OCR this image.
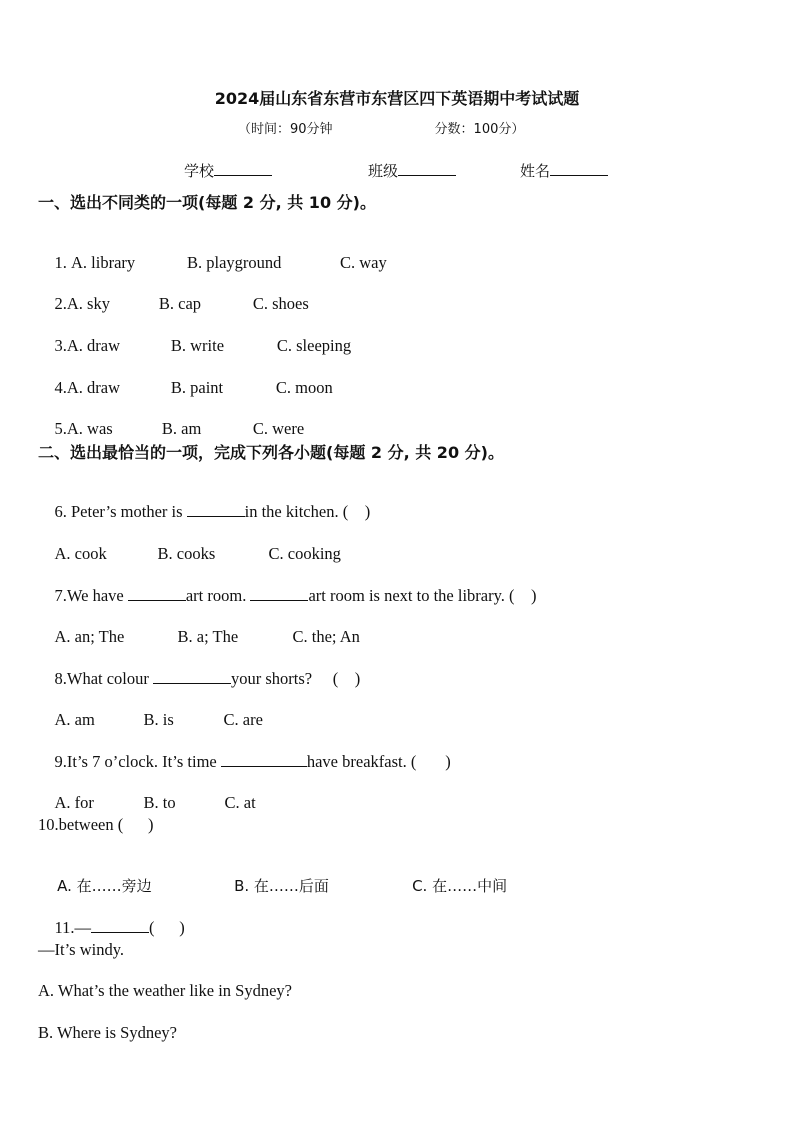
2024届山东省东营市东营区四下英语期中考试试题
（时间：90分钟	分数：100分）
学校	班级	姓名
一、选出不同类的一项(每题 2 分, 共 10 分)。

1. A. library	B. playground	C. way

2.A. sky	B. cap	C. shoes

3.A. draw	B. write	C. sleeping

4.A. draw	B. paint	C. moon

5.A. was	B. am	C. were

二、选出最恰当的一项，完成下列各小题(每题 2 分, 共 20 分)。

6. Peter’s mother is	in the kitchen. (    )

A. cook	B. cooks	C. cooking

7.We have	art room.	art room is next to the library. (    )

A. an; The	B. a; The	C. the; An

8.What colour	your shorts?     (    )

A. am	B. is	C. are

9.It’s 7 o’clock. It’s time	have breakfast. (       )

A. for	B. to	C. at

10.between (      )

A. 在……旁边	B. 在……后面	C. 在……中间

11.—	(      )

—It’s windy.
A. What’s the weather like in Sydney?
B. Where is Sydney?
